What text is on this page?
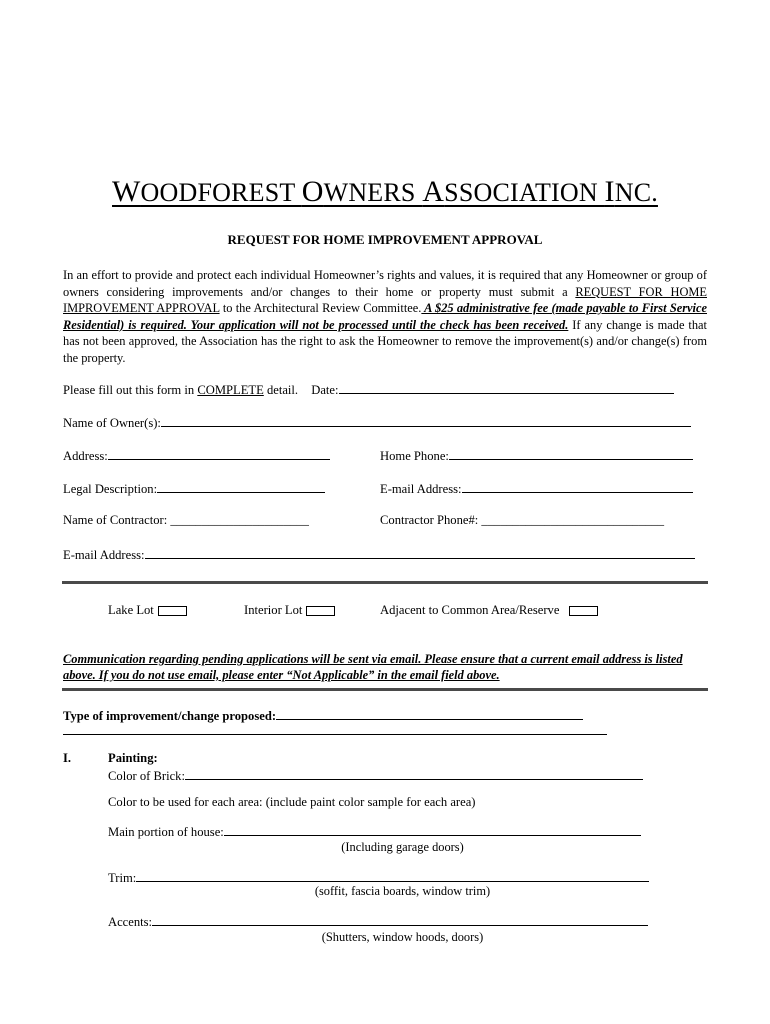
WOODFOREST OWNERS ASSOCIATION INC.
REQUEST FOR HOME IMPROVEMENT APPROVAL
In an effort to provide and protect each individual Homeowner’s rights and values, it is required that any Homeowner or group of owners considering improvements and/or changes to their home or property must submit a REQUEST FOR HOME IMPROVEMENT APPROVAL to the Architectural Review Committee. A $25 administrative fee (made payable to First Service Residential) is required. Your application will not be processed until the check has been received. If any change is made that has not been approved, the Association has the right to ask the Homeowner to remove the improvement(s) and/or change(s) from the property.
Please fill out this form in COMPLETE detail. Date:
Name of Owner(s):
Address:	Home Phone:
Legal Description:	E-mail Address:
Name of Contractor: ______________________	Contractor Phone#: _____________________________
E-mail Address:
Lake Lot	Interior Lot	Adjacent to Common Area/Reserve
Communication regarding pending applications will be sent via email. Please ensure that a current email address is listed above. If you do not use email, please enter “Not Applicable” in the email field above.
Type of improvement/change proposed:
I.	Painting:
Color of Brick:
Color to be used for each area: (include paint color sample for each area)
Main portion of house:
(Including garage doors)
Trim:
(soffit, fascia boards, window trim)
Accents:
(Shutters, window hoods, doors)
